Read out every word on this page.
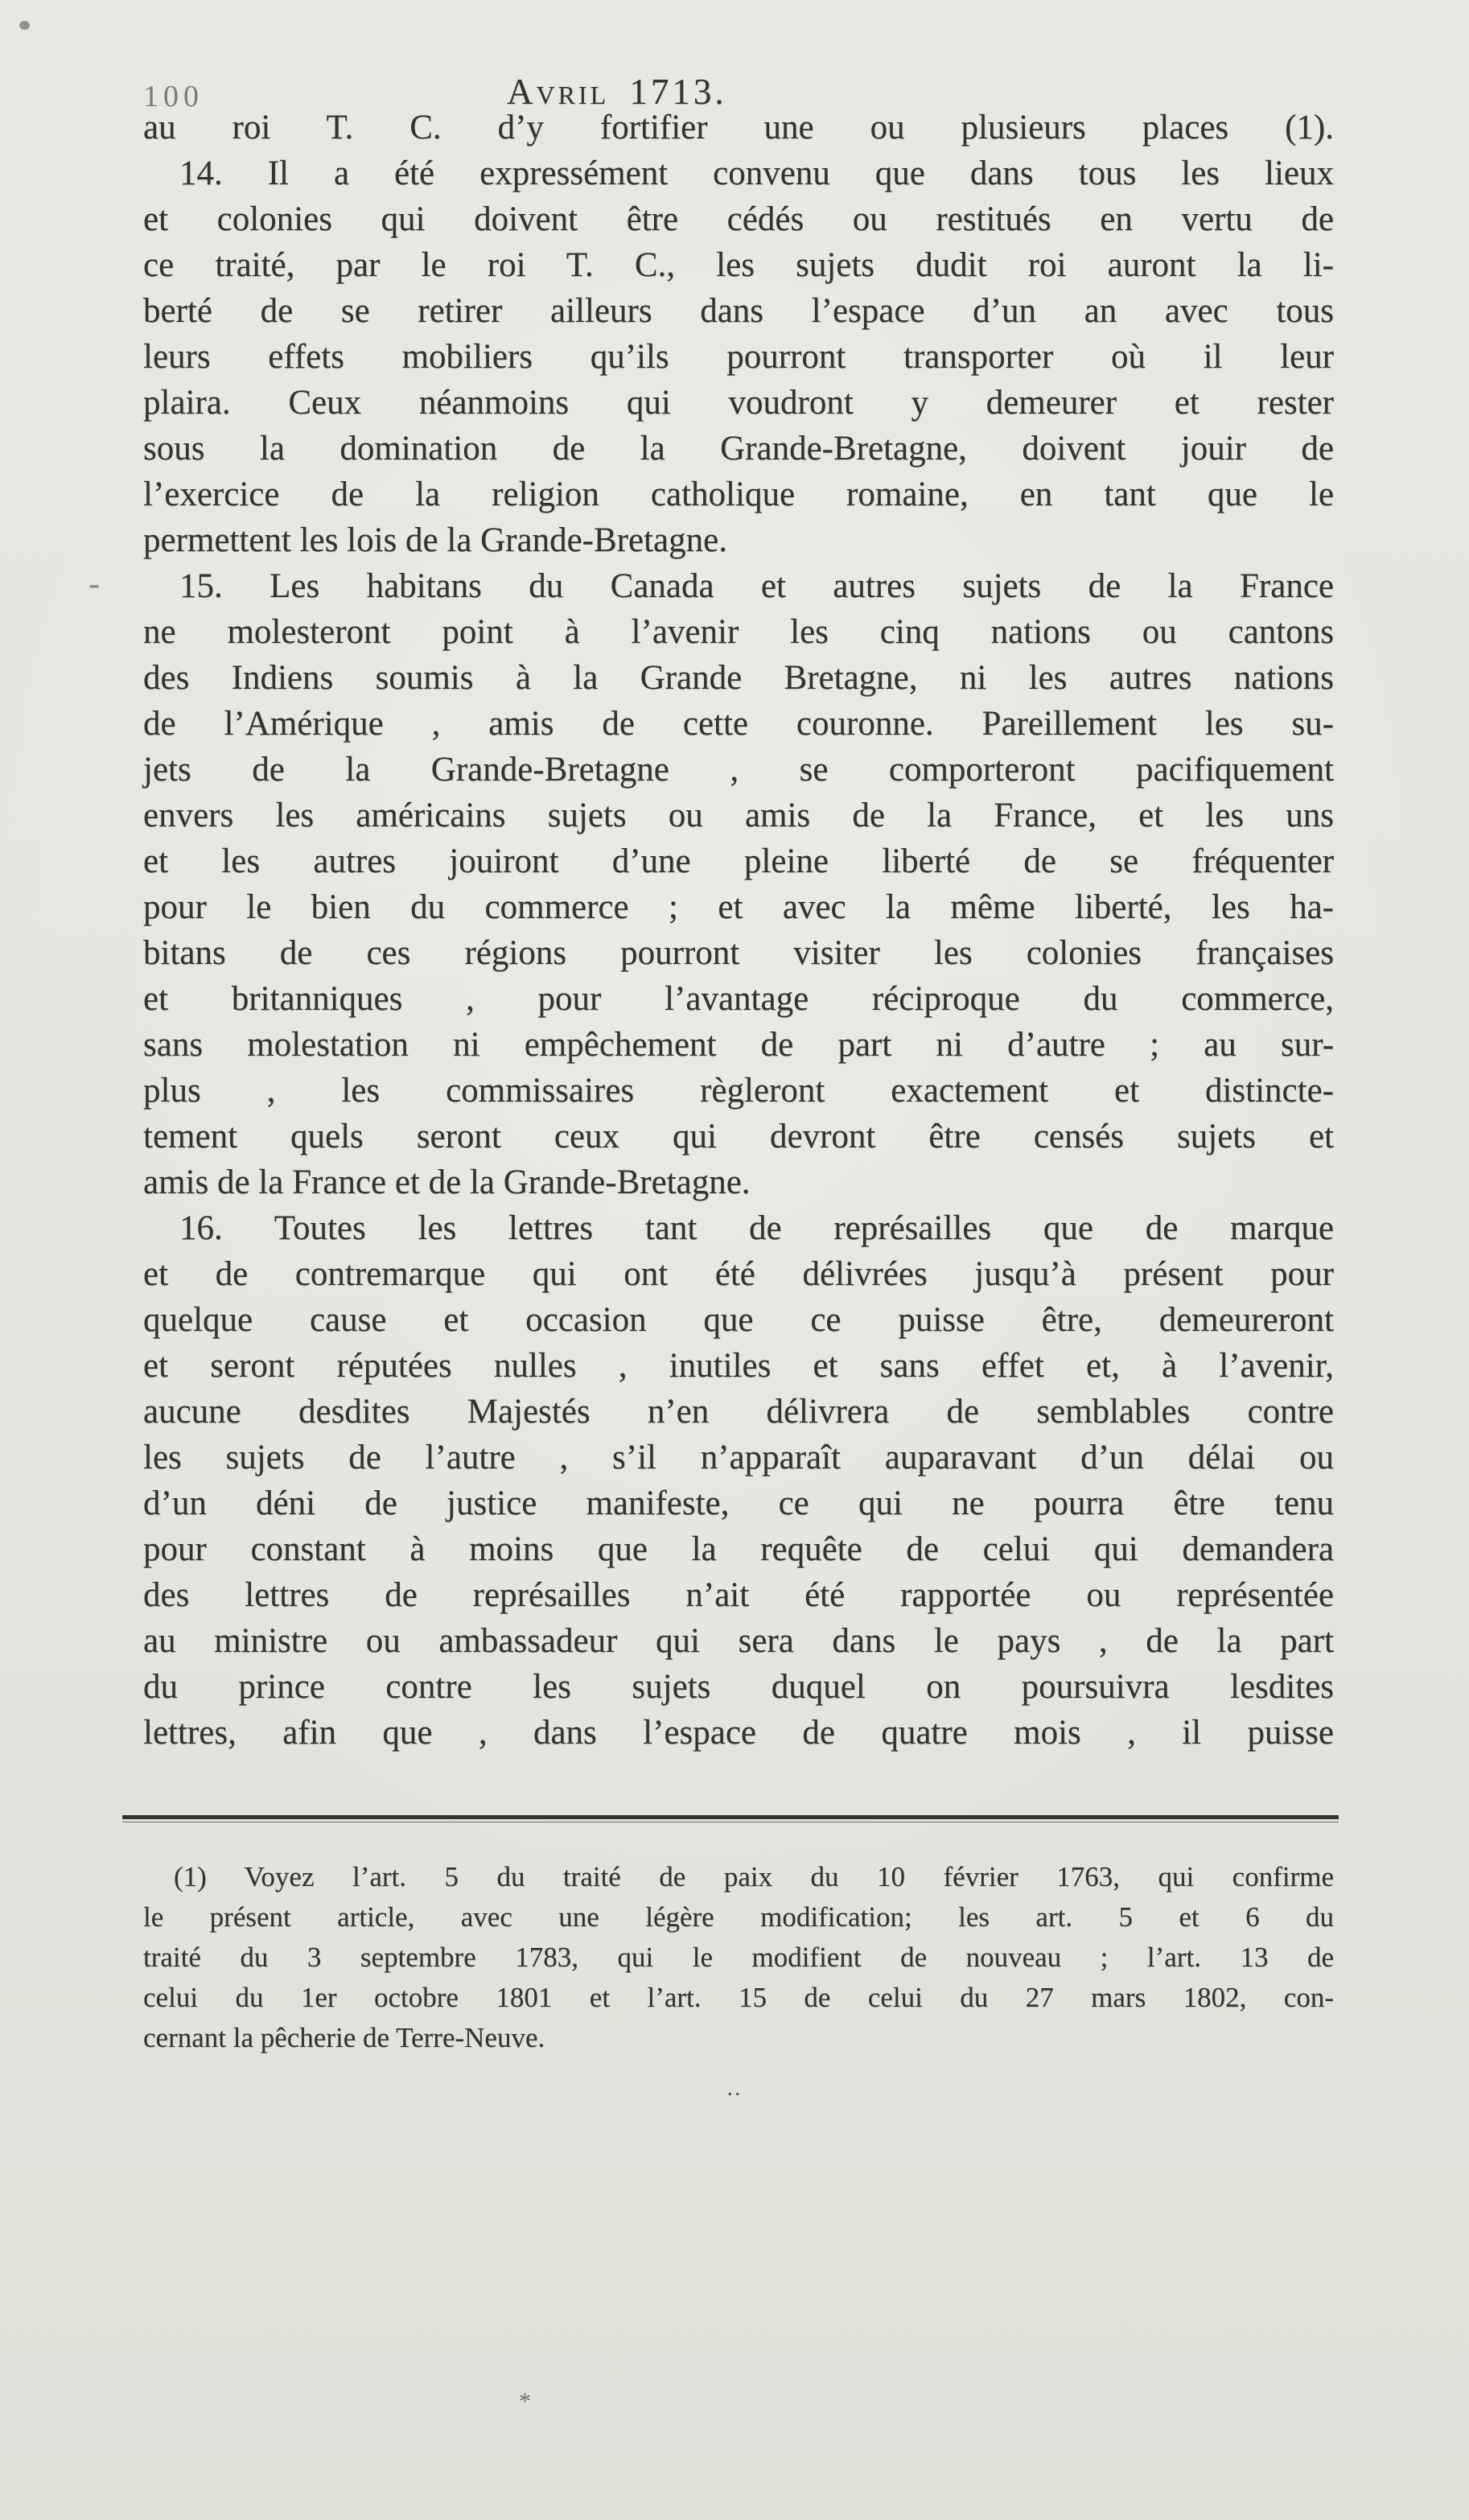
100	Avril 1713.
-
au roi T. C. d’y fortifier une ou plusieurs places (1).
14. Il a été expressément convenu que dans tous les lieux
et colonies qui doivent être cédés ou restitués en vertu de
ce traité, par le roi T. C., les sujets dudit roi auront la li-
berté de se retirer ailleurs dans l’espace d’un an avec tous
leurs effets mobiliers qu’ils pourront transporter où il leur
plaira. Ceux néanmoins qui voudront y demeurer et rester
sous la domination de la Grande-Bretagne, doivent jouir de
l’exercice de la religion catholique romaine, en tant que le
permettent les lois de la Grande-Bretagne.
15. Les habitans du Canada et autres sujets de la France
ne molesteront point à l’avenir les cinq nations ou cantons
des Indiens soumis à la Grande Bretagne, ni les autres nations
de l’Amérique , amis de cette couronne. Pareillement les su-
jets de la Grande-Bretagne , se comporteront pacifiquement
envers les américains sujets ou amis de la France, et les uns
et les autres jouiront d’une pleine liberté de se fréquenter
pour le bien du commerce ; et avec la même liberté, les ha-
bitans de ces régions pourront visiter les colonies françaises
et britanniques , pour l’avantage réciproque du commerce,
sans molestation ni empêchement de part ni d’autre ; au sur-
plus , les commissaires règleront exactement et distincte-
tement quels seront ceux qui devront être censés sujets et
amis de la France et de la Grande-Bretagne.
16. Toutes les lettres tant de représailles que de marque
et de contremarque qui ont été délivrées jusqu’à présent pour
quelque cause et occasion que ce puisse être, demeureront
et seront réputées nulles , inutiles et sans effet et, à l’avenir,
aucune desdites Majestés n’en délivrera de semblables contre
les sujets de l’autre , s’il n’apparaît auparavant d’un délai ou
d’un déni de justice manifeste, ce qui ne pourra être tenu
pour constant à moins que la requête de celui qui demandera
des lettres de représailles n’ait été rapportée ou représentée
au ministre ou ambassadeur qui sera dans le pays , de la part
du prince contre les sujets duquel on poursuivra lesdites
lettres, afin que , dans l’espace de quatre mois , il puisse
(1) Voyez l’art. 5 du traité de paix du 10 février 1763, qui confirme
le présent article, avec une légère modification; les art. 5 et 6 du
traité du 3 septembre 1783, qui le modifient de nouveau ; l’art. 13 de
celui du 1er octobre 1801 et l’art. 15 de celui du 27 mars 1802, con-
cernant la pêcherie de Terre-Neuve.
..
*
